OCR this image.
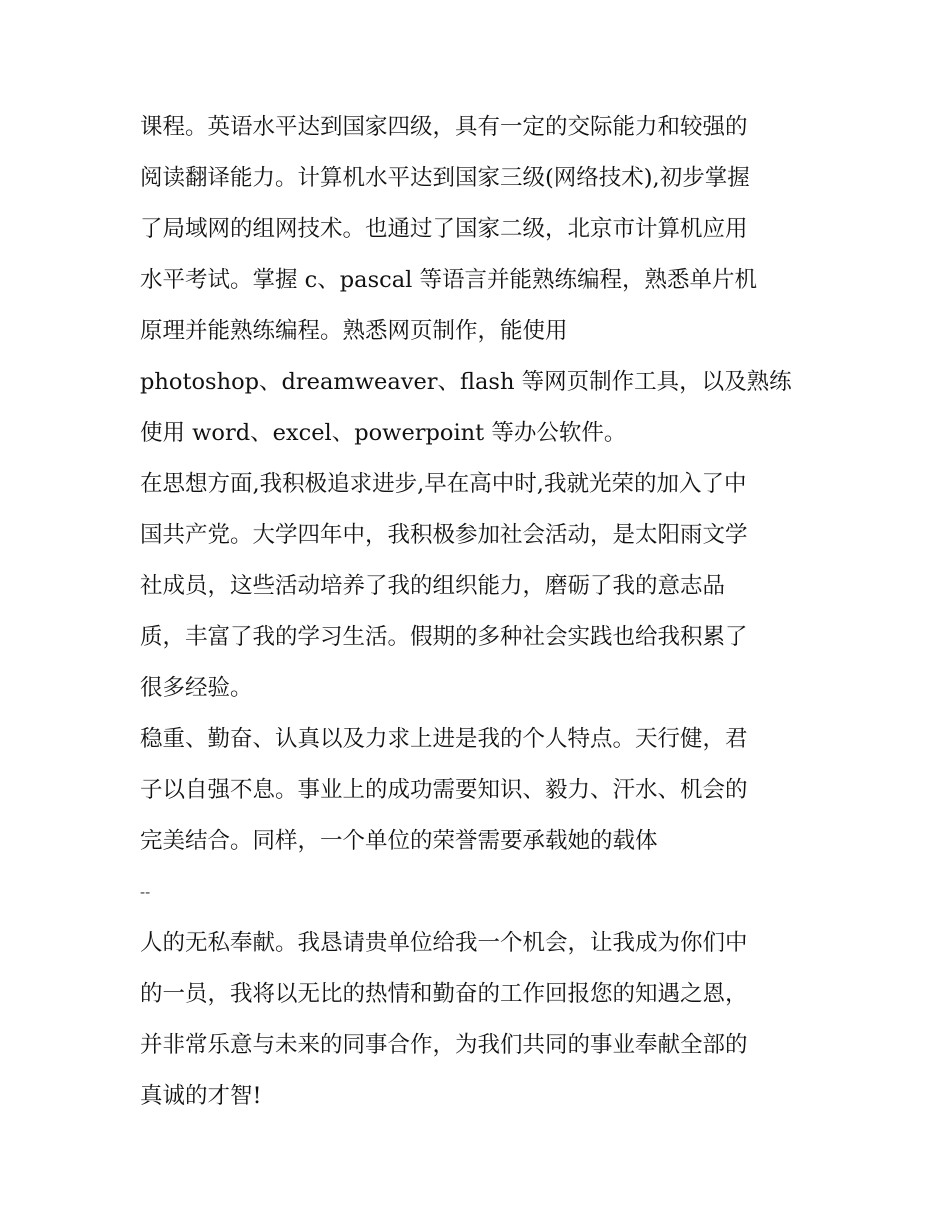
课程。英语水平达到国家四级，具有一定的交际能力和较强的
阅读翻译能力。计算机水平达到国家三级(网络技术),初步掌握
了局域网的组网技术。也通过了国家二级，北京市计算机应用
水平考试。掌握 c、pascal 等语言并能熟练编程，熟悉单片机
原理并能熟练编程。熟悉网页制作，能使用
photoshop、dreamweaver、flash 等网页制作工具，以及熟练
使用 word、excel、powerpoint 等办公软件。
在思想方面,我积极追求进步,早在高中时,我就光荣的加入了中
国共产党。大学四年中，我积极参加社会活动，是太阳雨文学
社成员，这些活动培养了我的组织能力，磨砺了我的意志品
质，丰富了我的学习生活。假期的多种社会实践也给我积累了
很多经验。
稳重、勤奋、认真以及力求上进是我的个人特点。天行健，君
子以自强不息。事业上的成功需要知识、毅力、汗水、机会的
完美结合。同样，一个单位的荣誉需要承载她的载体
--
人的无私奉献。我恳请贵单位给我一个机会，让我成为你们中
的一员，我将以无比的热情和勤奋的工作回报您的知遇之恩，
并非常乐意与未来的同事合作，为我们共同的事业奉献全部的
真诚的才智!
